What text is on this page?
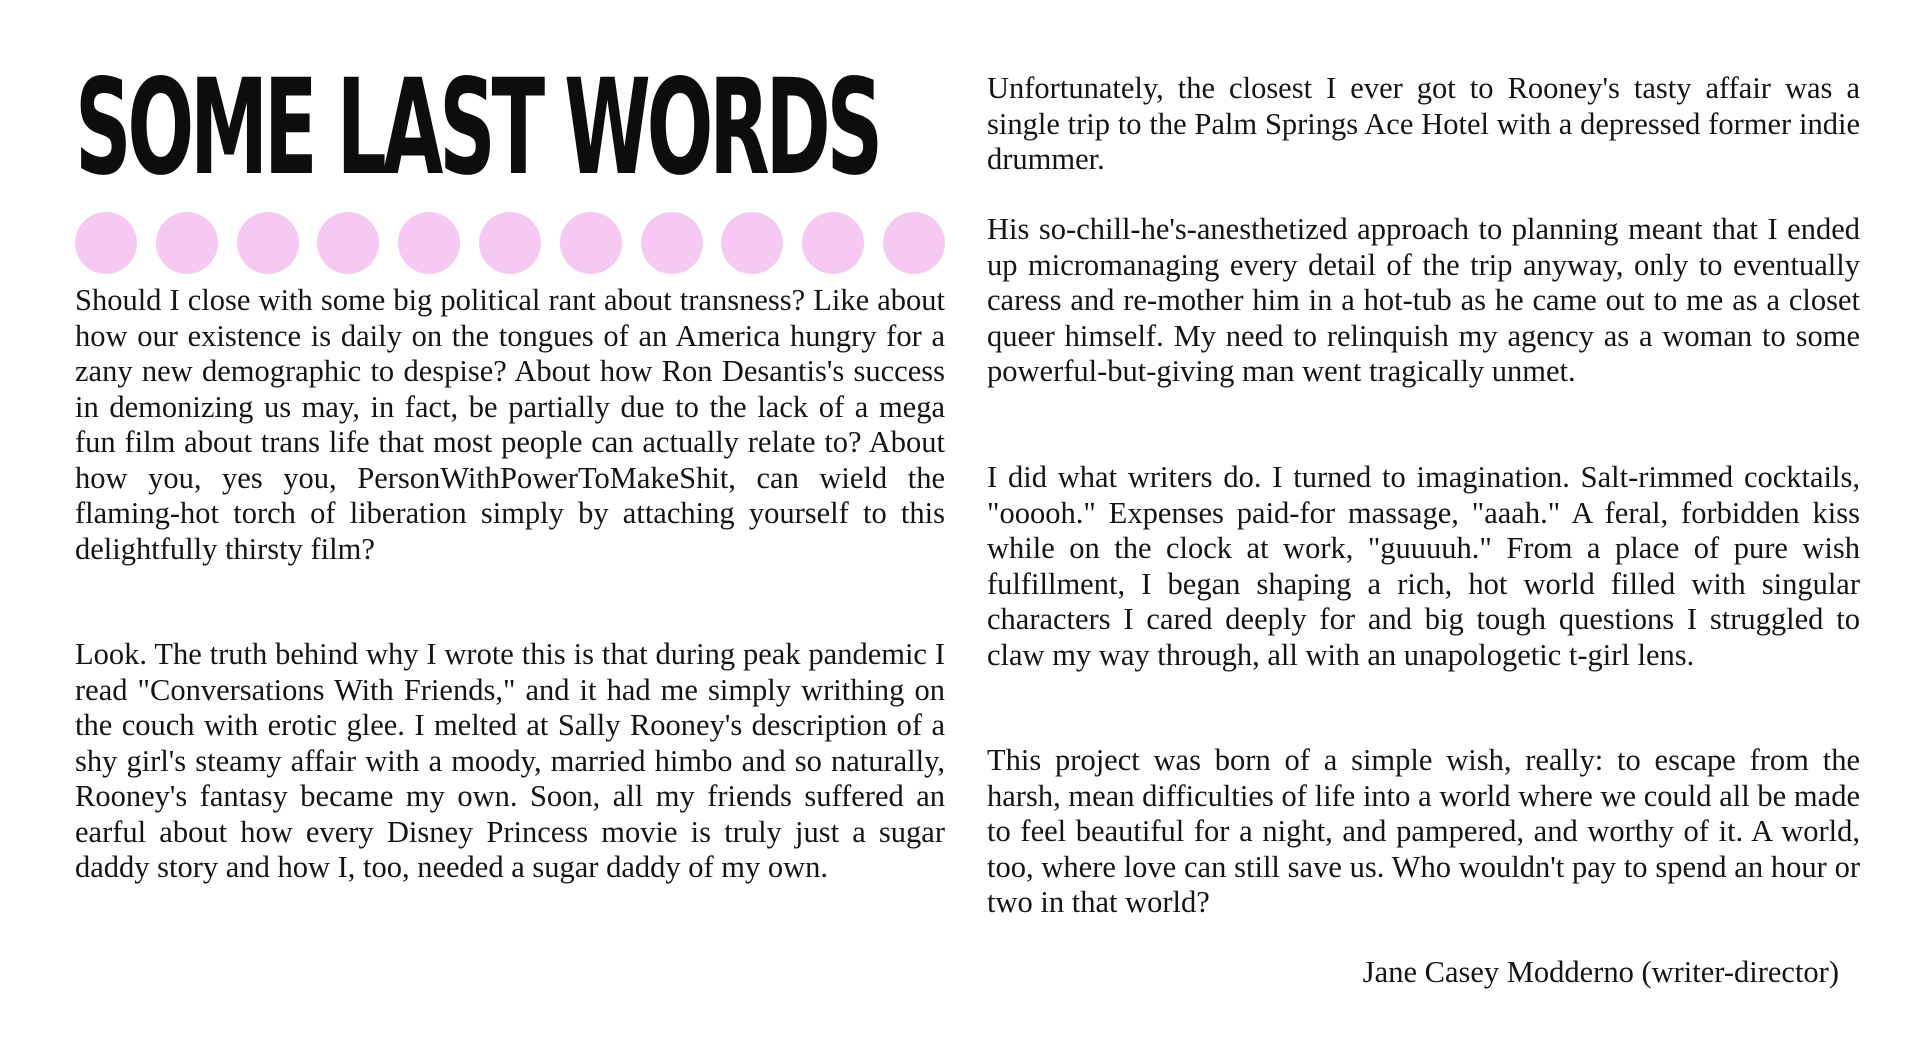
SOME LAST WORDS

Should I close with some big political rant about transness? Like about how our existence is daily on the tongues of an America hungry for a zany new demographic to despise? About how Ron Desantis's success in demonizing us may, in fact, be partially due to the lack of a mega fun film about trans life that most people can actually relate to? About how you, yes you, PersonWithPowerToMakeShit, can wield the flaming-hot torch of liberation simply by attaching yourself to this delightfully thirsty film?

Look. The truth behind why I wrote this is that during peak pandemic I read "Conversations With Friends," and it had me simply writhing on the couch with erotic glee. I melted at Sally Rooney's description of a shy girl's steamy affair with a moody, married himbo and so naturally, Rooney's fantasy became my own. Soon, all my friends suffered an earful about how every Disney Princess movie is truly just a sugar daddy story and how I, too, needed a sugar daddy of my own.

Unfortunately, the closest I ever got to Rooney's tasty affair was a single trip to the Palm Springs Ace Hotel with a depressed former indie drummer.

His so-chill-he's-anesthetized approach to planning meant that I ended up micromanaging every detail of the trip anyway, only to eventually caress and re-mother him in a hot-tub as he came out to me as a closet queer himself. My need to relinquish my agency as a woman to some powerful-but-giving man went tragically unmet.

I did what writers do. I turned to imagination. Salt-rimmed cocktails, "ooooh." Expenses paid-for massage, "aaah." A feral, forbidden kiss while on the clock at work, "guuuuh." From a place of pure wish fulfillment, I began shaping a rich, hot world filled with singular characters I cared deeply for and big tough questions I struggled to claw my way through, all with an unapologetic t-girl lens.

This project was born of a simple wish, really: to escape from the harsh, mean difficulties of life into a world where we could all be made to feel beautiful for a night, and pampered, and worthy of it. A world, too, where love can still save us. Who wouldn't pay to spend an hour or two in that world?

Jane Casey Modderno (writer-director)
